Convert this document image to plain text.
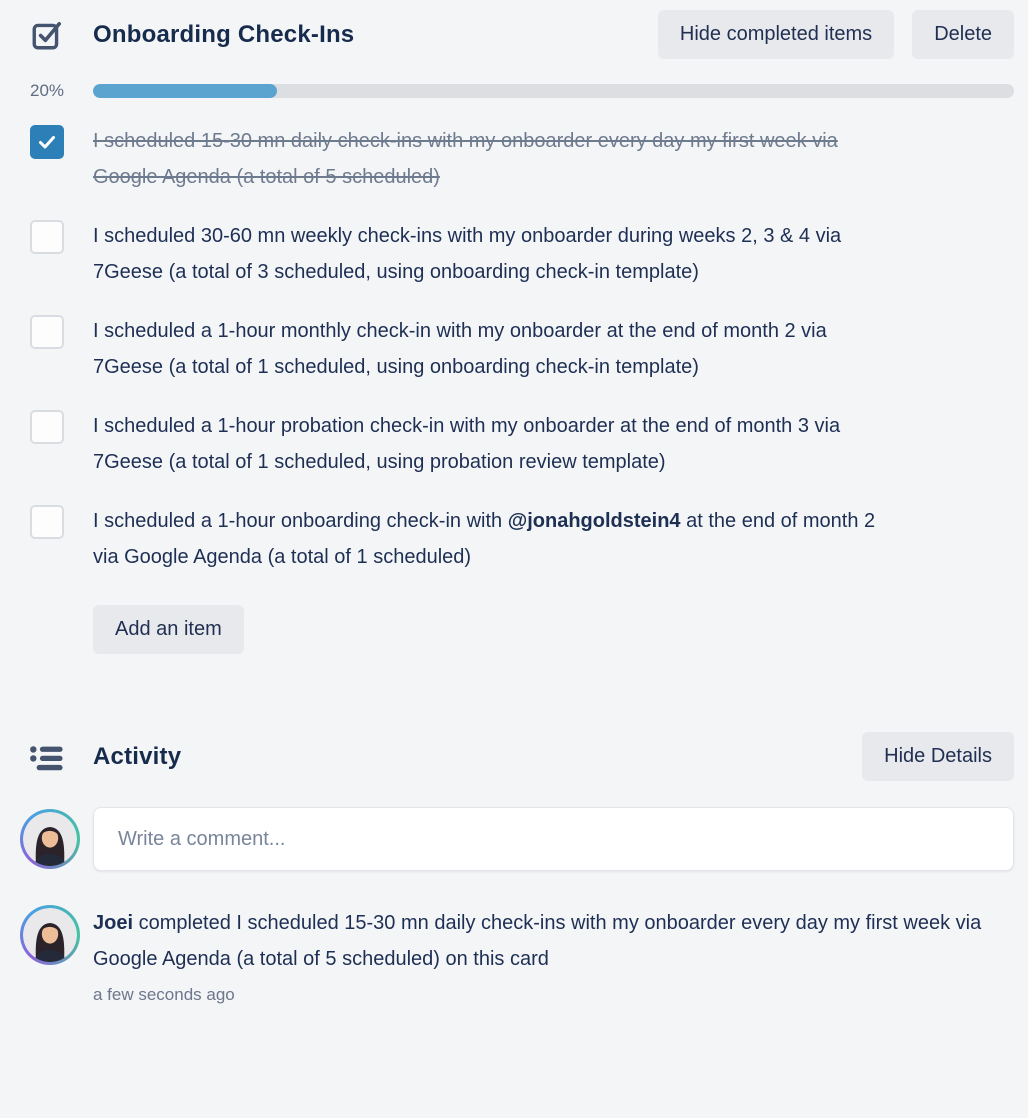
Onboarding Check-Ins	Hide completed items	Delete
20%
I scheduled 15-30 mn daily check-ins with my onboarder every day my first week via Google Agenda (a total of 5 scheduled)
I scheduled 30-60 mn weekly check-ins with my onboarder during weeks 2, 3 & 4 via 7Geese (a total of 3 scheduled, using onboarding check-in template)
I scheduled a 1-hour monthly check-in with my onboarder at the end of month 2 via 7Geese (a total of 1 scheduled, using onboarding check-in template)
I scheduled a 1-hour probation check-in with my onboarder at the end of month 3 via 7Geese (a total of 1 scheduled, using probation review template)
I scheduled a 1-hour onboarding check-in with @jonahgoldstein4 at the end of month 2 via Google Agenda (a total of 1 scheduled)
Add an item
Activity	Hide Details
Write a comment...
Joei completed I scheduled 15-30 mn daily check-ins with my onboarder every day my first week via Google Agenda (a total of 5 scheduled) on this card
a few seconds ago
